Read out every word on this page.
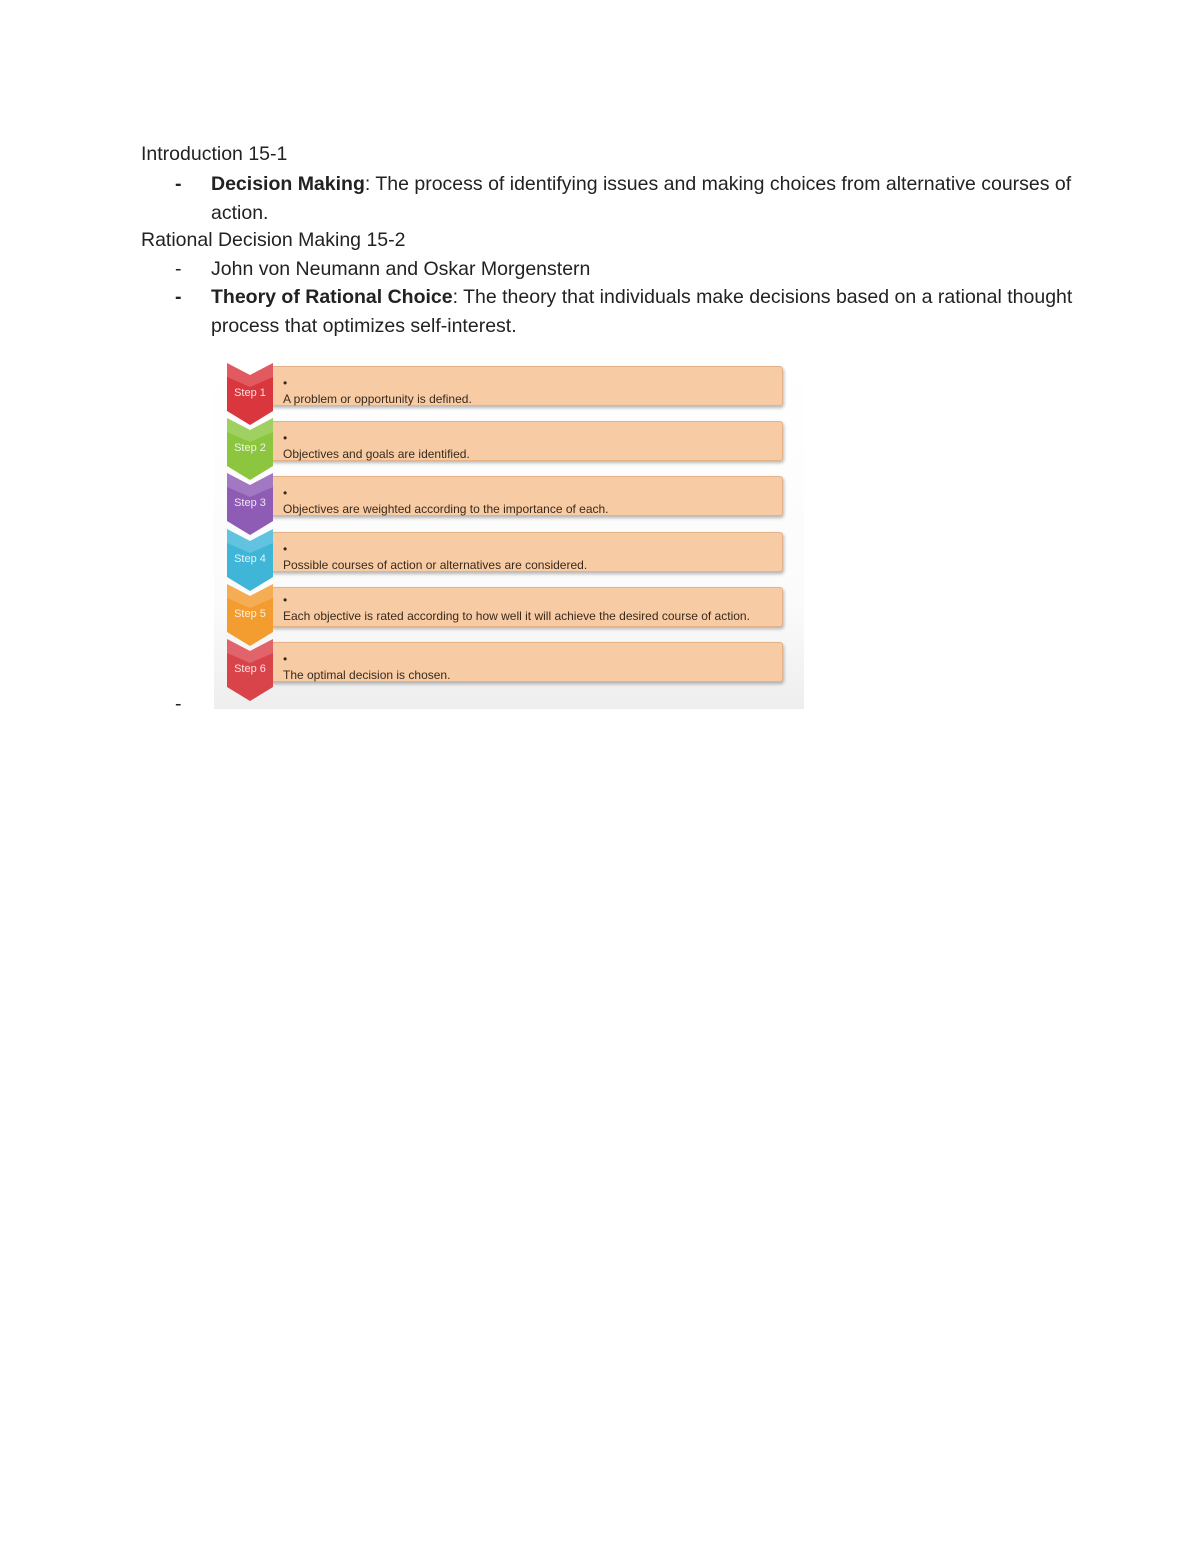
Introduction 15-1
- Decision Making: The process of identifying issues and making choices from alternative courses of action.
Rational Decision Making 15-2
- John von Neumann and Oskar Morgenstern
- Theory of Rational Choice: The theory that individuals make decisions based on a rational thought process that optimizes self-interest.
-
•A problem or opportunity is defined.
Step 1
•Objectives and goals are identified.
Step 2
•Objectives are weighted according to the importance of each.
Step 3
•Possible courses of action or alternatives are considered.
Step 4
•Each objective is rated according to how well it will achieve the desired course of action.
Step 5
•The optimal decision is chosen.
Step 6
